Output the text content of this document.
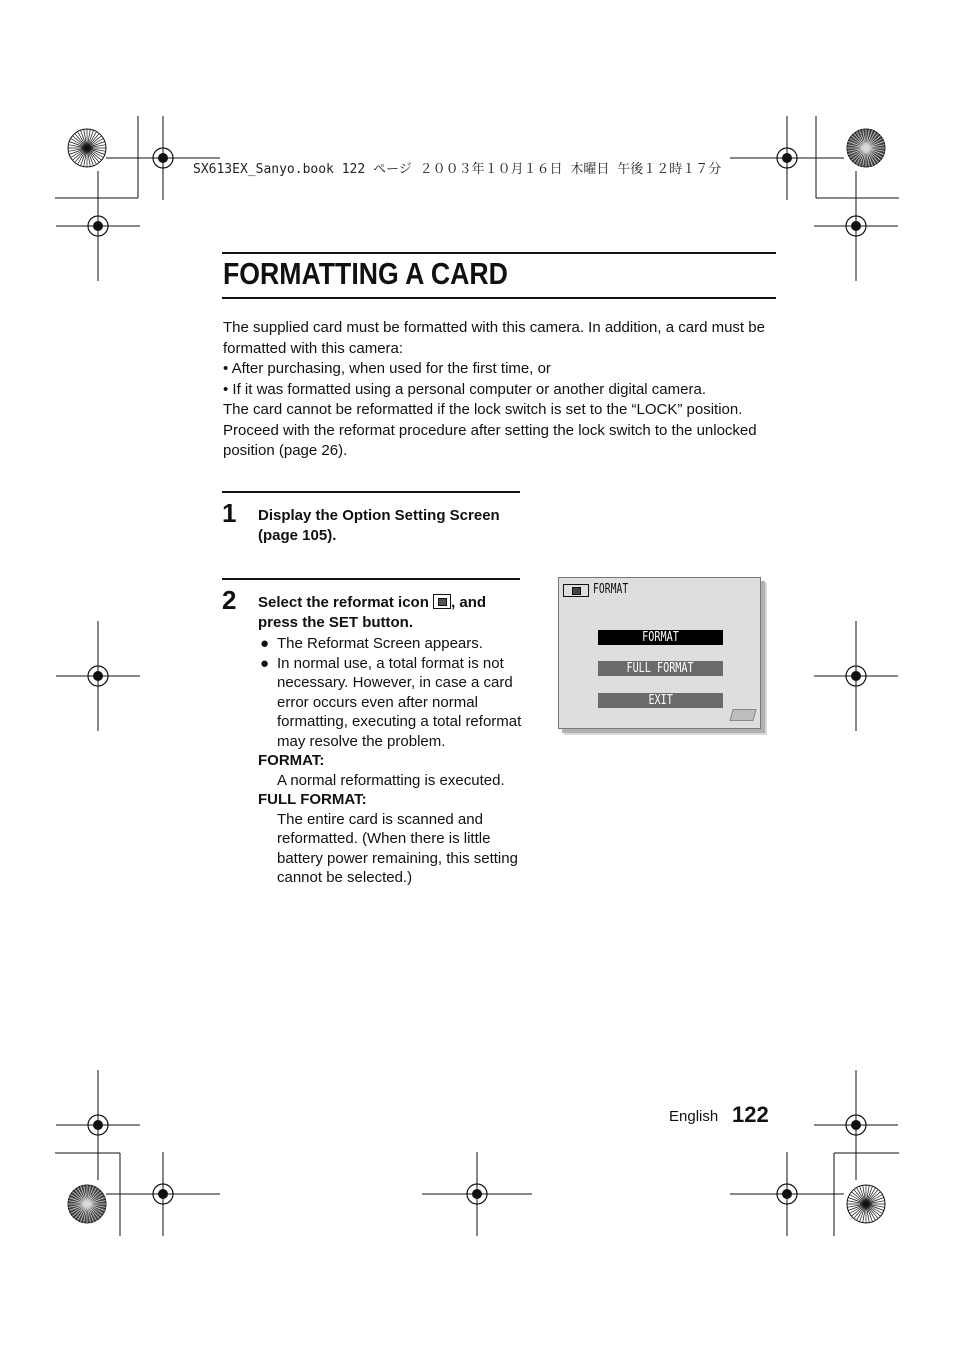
SX613EX_Sanyo.book 122 ページ ２００３年１０月１６日 木曜日 午後１２時１７分
FORMATTING A CARD

The supplied card must be formatted with this camera. In addition, a card must be formatted with this camera:

• After purchasing, when used for the first time, or

• If it was formatted using a personal computer or another digital camera.

The card cannot be reformatted if the lock switch is set to the “LOCK” position. Proceed with the reformat procedure after setting the lock switch to the unlocked position (page 26).

1 Display the Option Setting Screen (page 105).
2 Select the reformat icon , and press the SET button.
● The Reformat Screen appears.
● In normal use, a total format is not necessary. However, in case a card error occurs even after normal formatting, executing a total reformat may resolve the problem.
FORMAT:
A normal reformatting is executed.
FULL FORMAT:
The entire card is scanned and reformatted. (When there is little battery power remaining, this setting cannot be selected.)
FORMAT
FORMAT
FULL FORMAT
EXIT
English 122
